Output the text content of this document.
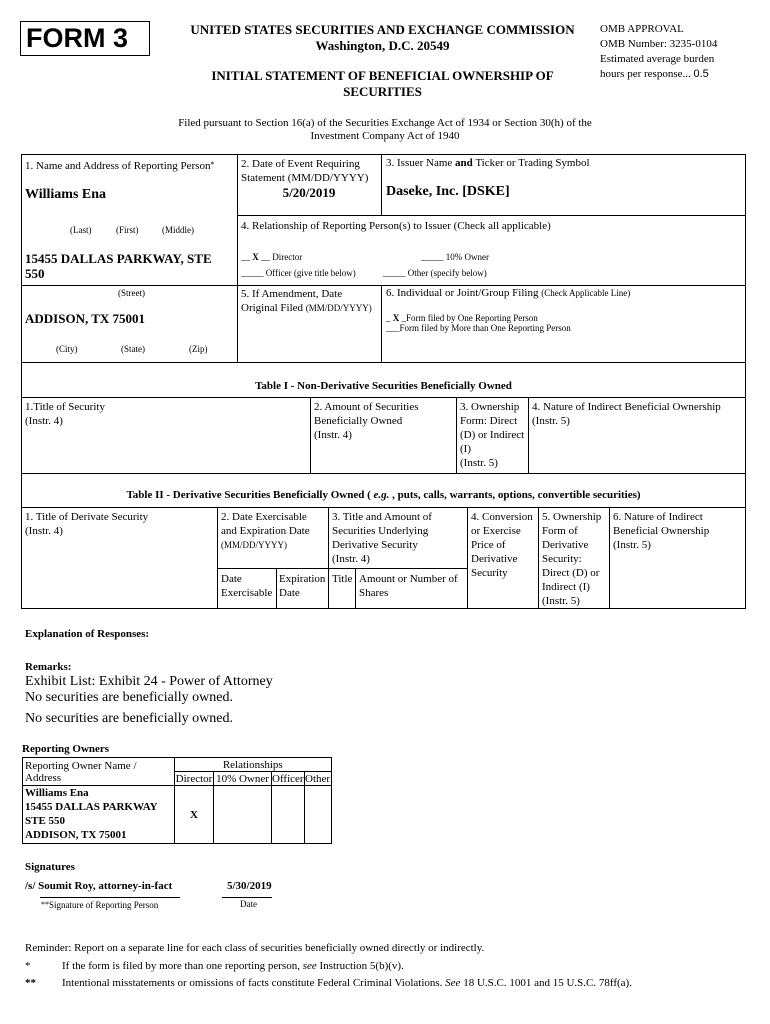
FORM 3	UNITED STATES SECURITIES AND EXCHANGE COMMISSION
Washington, D.C. 20549
INITIAL STATEMENT OF BENEFICIAL OWNERSHIP OF
SECURITIES
OMB APPROVAL
OMB Number: 3235-0104
Estimated average burden
hours per response... 0.5
Filed pursuant to Section 16(a) of the Securities Exchange Act of 1934 or Section 30(h) of the
Investment Company Act of 1940
1. Name and Address of Reporting Person*
Williams Ena
(Last)	(First)	(Middle)
15455 DALLAS PARKWAY, STE
550
(Street)
ADDISON, TX 75001
(City)	(State)	(Zip)
2. Date of Event Requiring
Statement (MM/DD/YYYY)
5/20/2019
3. Issuer Name and Ticker or Trading Symbol
Daseke, Inc. [DSKE]
4. Relationship of Reporting Person(s) to Issuer (Check all applicable)
__ X __ Director	_____ 10% Owner
_____ Officer (give title below)	_____ Other (specify below)
5. If Amendment, Date
Original Filed (MM/DD/YYYY)
6. Individual or Joint/Group Filing (Check Applicable Line)
_ X _Form filed by One Reporting Person
___Form filed by More than One Reporting Person
Table I - Non-Derivative Securities Beneficially Owned
1.Title of Security
(Instr. 4)
2. Amount of Securities
Beneficially Owned
(Instr. 4)
3. Ownership
Form: Direct
(D) or Indirect
(I)
(Instr. 5)
4. Nature of Indirect Beneficial Ownership
(Instr. 5)
Table II - Derivative Securities Beneficially Owned ( e.g. , puts, calls, warrants, options, convertible securities)
1. Title of Derivate Security
(Instr. 4)
2. Date Exercisable
and Expiration Date
(MM/DD/YYYY)
3. Title and Amount of
Securities Underlying
Derivative Security
(Instr. 4)
4. Conversion
or Exercise
Price of
Derivative
Security
5. Ownership
Form of
Derivative
Security:
Direct (D) or
Indirect (I)
(Instr. 5)
6. Nature of Indirect
Beneficial Ownership
(Instr. 5)
Date
Exercisable
Expiration
Date
Title Amount or Number of
Shares
Explanation of Responses:
Remarks:
Exhibit List: Exhibit 24 - Power of Attorney
No securities are beneficially owned.
No securities are beneficially owned.
Reporting Owners
Reporting Owner Name / Address	Relationships			
	Director	10% Owner	Officer	Other

Williams Ena
15455 DALLAS PARKWAY
STE 550
ADDISON, TX 75001	X			
Signatures
/s/ Soumit Roy, attorney-in-fact	5/30/2019
**Signature of Reporting Person	Date
Reminder: Report on a separate line for each class of securities beneficially owned directly or indirectly.
*	If the form is filed by more than one reporting person, see Instruction 5(b)(v).
** Intentional misstatements or omissions of facts constitute Federal Criminal Violations. See 18 U.S.C. 1001 and 15 U.S.C. 78ff(a).
